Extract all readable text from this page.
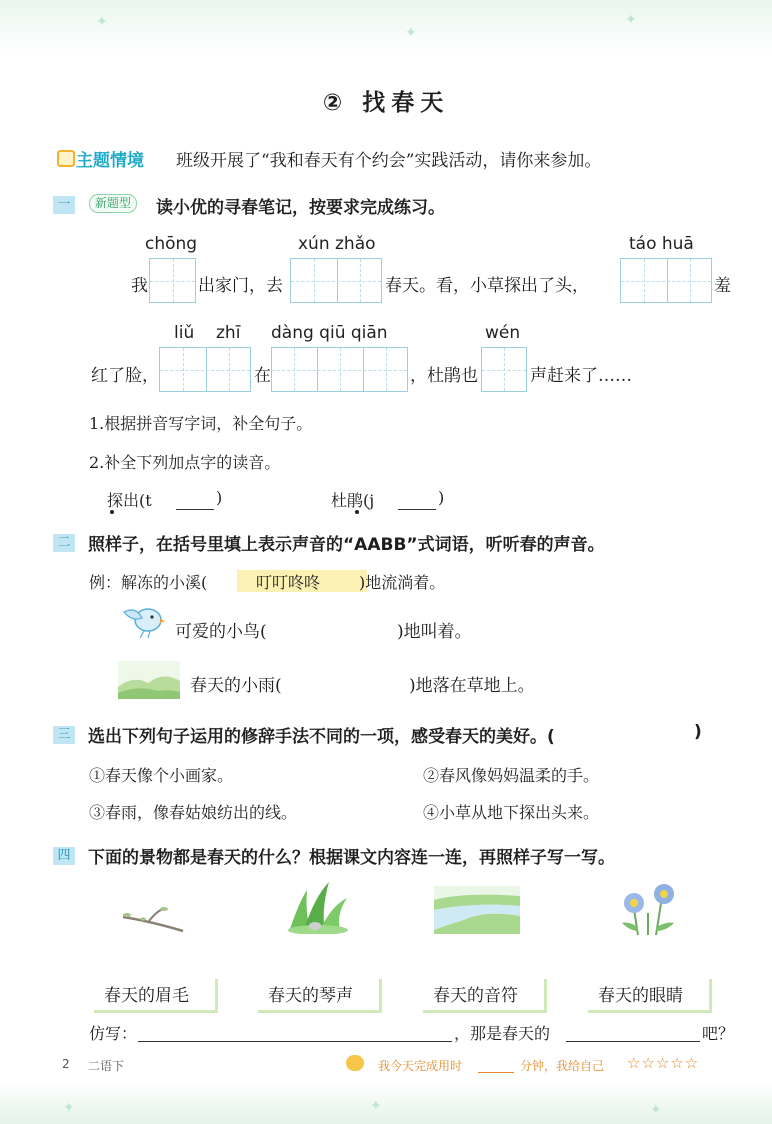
✦
✦
✦
✦	✦	✦
② 找春天
主题情境 班级开展了“我和春天有个约会”实践活动，请你来参加。
一	新题型	读小优的寻春笔记，按要求完成练习。
chōng	xún zhǎo	táo huā
我	出家门，去	春天。看，小草探出了头，	羞
liǔ zhī dàng qiū qiān	wén
红了脸，	在	，杜鹃也	声赶来了……
1.根据拼音写字词，补全句子。
2.补全下列加点字的读音。
探出(t	)	杜鹃(j	)
二 照样子，在括号里填上表示声音的“AABB”式词语，听听春的声音。
例：解冻的小溪(	叮叮咚咚 )地流淌着。
可爱的小鸟(	)地叫着。
春天的小雨(	)地落在草地上。
三 选出下列句子运用的修辞手法不同的一项，感受春天的美好。(	)
①春天像个小画家。	②春风像妈妈温柔的手。
③春雨，像春姑娘纺出的线。	④小草从地下探出头来。
四 下面的景物都是春天的什么？根据课文内容连一连，再照样子写一写。
春天的眉毛	春天的琴声	春天的音符	春天的眼睛
仿写：	，那是春天的	吧？
2 二语下	我今天完成用时	分钟，我给自己 ☆☆☆☆☆
